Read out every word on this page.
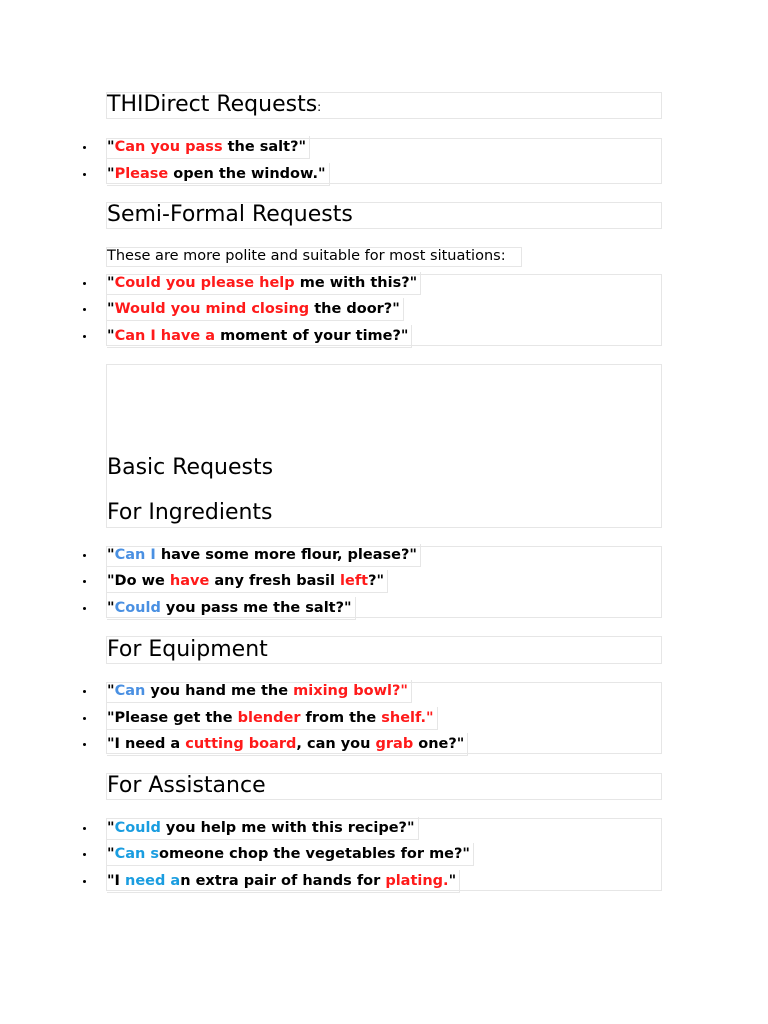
THIDirect Requests:
"Can you pass the salt?"
"Please open the window."
Semi-Formal Requests
These are more polite and suitable for most situations:
"Could you please help me with this?"
"Would you mind closing the door?"
"Can I have a moment of your time?"
Basic Requests
For Ingredients
"Can I have some more flour, please?"
"Do we have any fresh basil left?"
"Could you pass me the salt?"
For Equipment
"Can you hand me the mixing bowl?"
"Please get the blender from the shelf."
"I need a cutting board, can you grab one?"
For Assistance
"Could you help me with this recipe?"
"Can someone chop the vegetables for me?"
"I need an extra pair of hands for plating."
